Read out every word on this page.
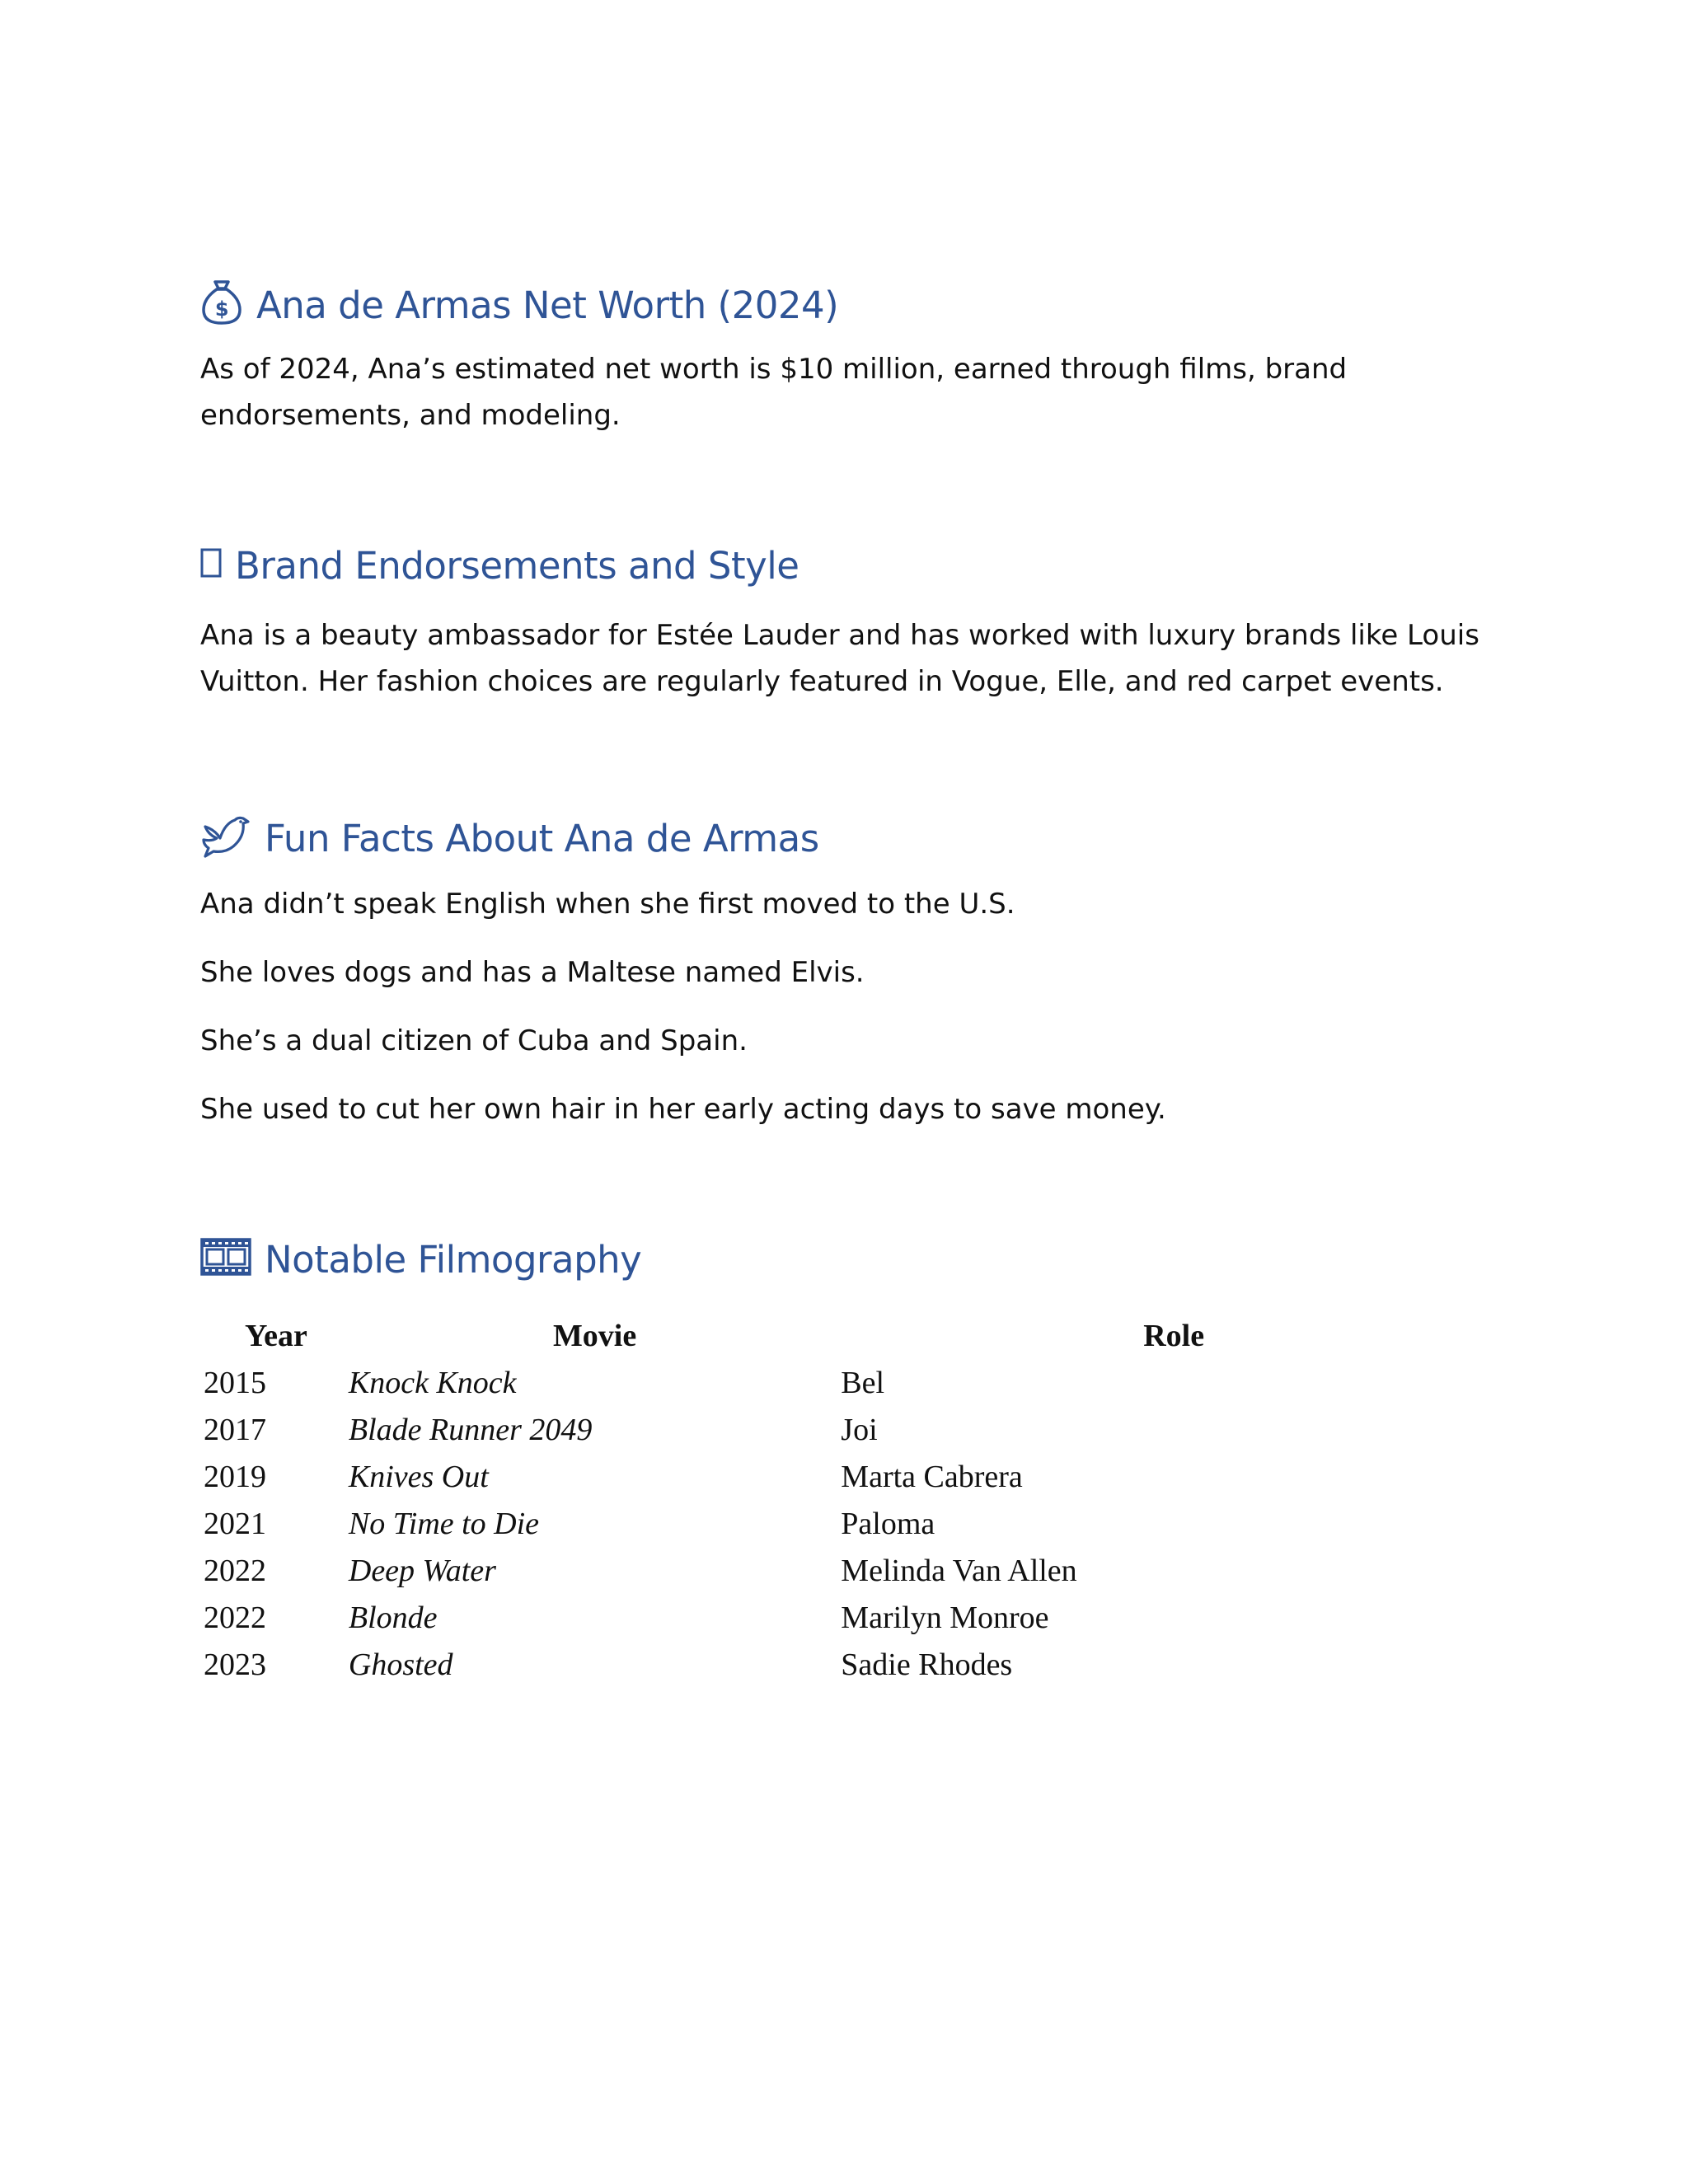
$ Ana de Armas Net Worth (2024)

As of 2024, Ana’s estimated net worth is $10 million, earned through films, brand endorsements, and modeling.

Brand Endorsements and Style

Ana is a beauty ambassador for Estée Lauder and has worked with luxury brands like Louis Vuitton. Her fashion choices are regularly featured in Vogue, Elle, and red carpet events.

Fun Facts About Ana de Armas
Ana didn’t speak English when she first moved to the U.S.
She loves dogs and has a Maltese named Elvis.
She’s a dual citizen of Cuba and Spain.
She used to cut her own hair in her early acting days to save money.
Notable Filmography
Year	Movie	Role
2015	Knock Knock	Bel
2017	Blade Runner 2049	Joi
2019	Knives Out	Marta Cabrera
2021	No Time to Die	Paloma
2022	Deep Water	Melinda Van Allen
2022	Blonde	Marilyn Monroe
2023	Ghosted	Sadie Rhodes
